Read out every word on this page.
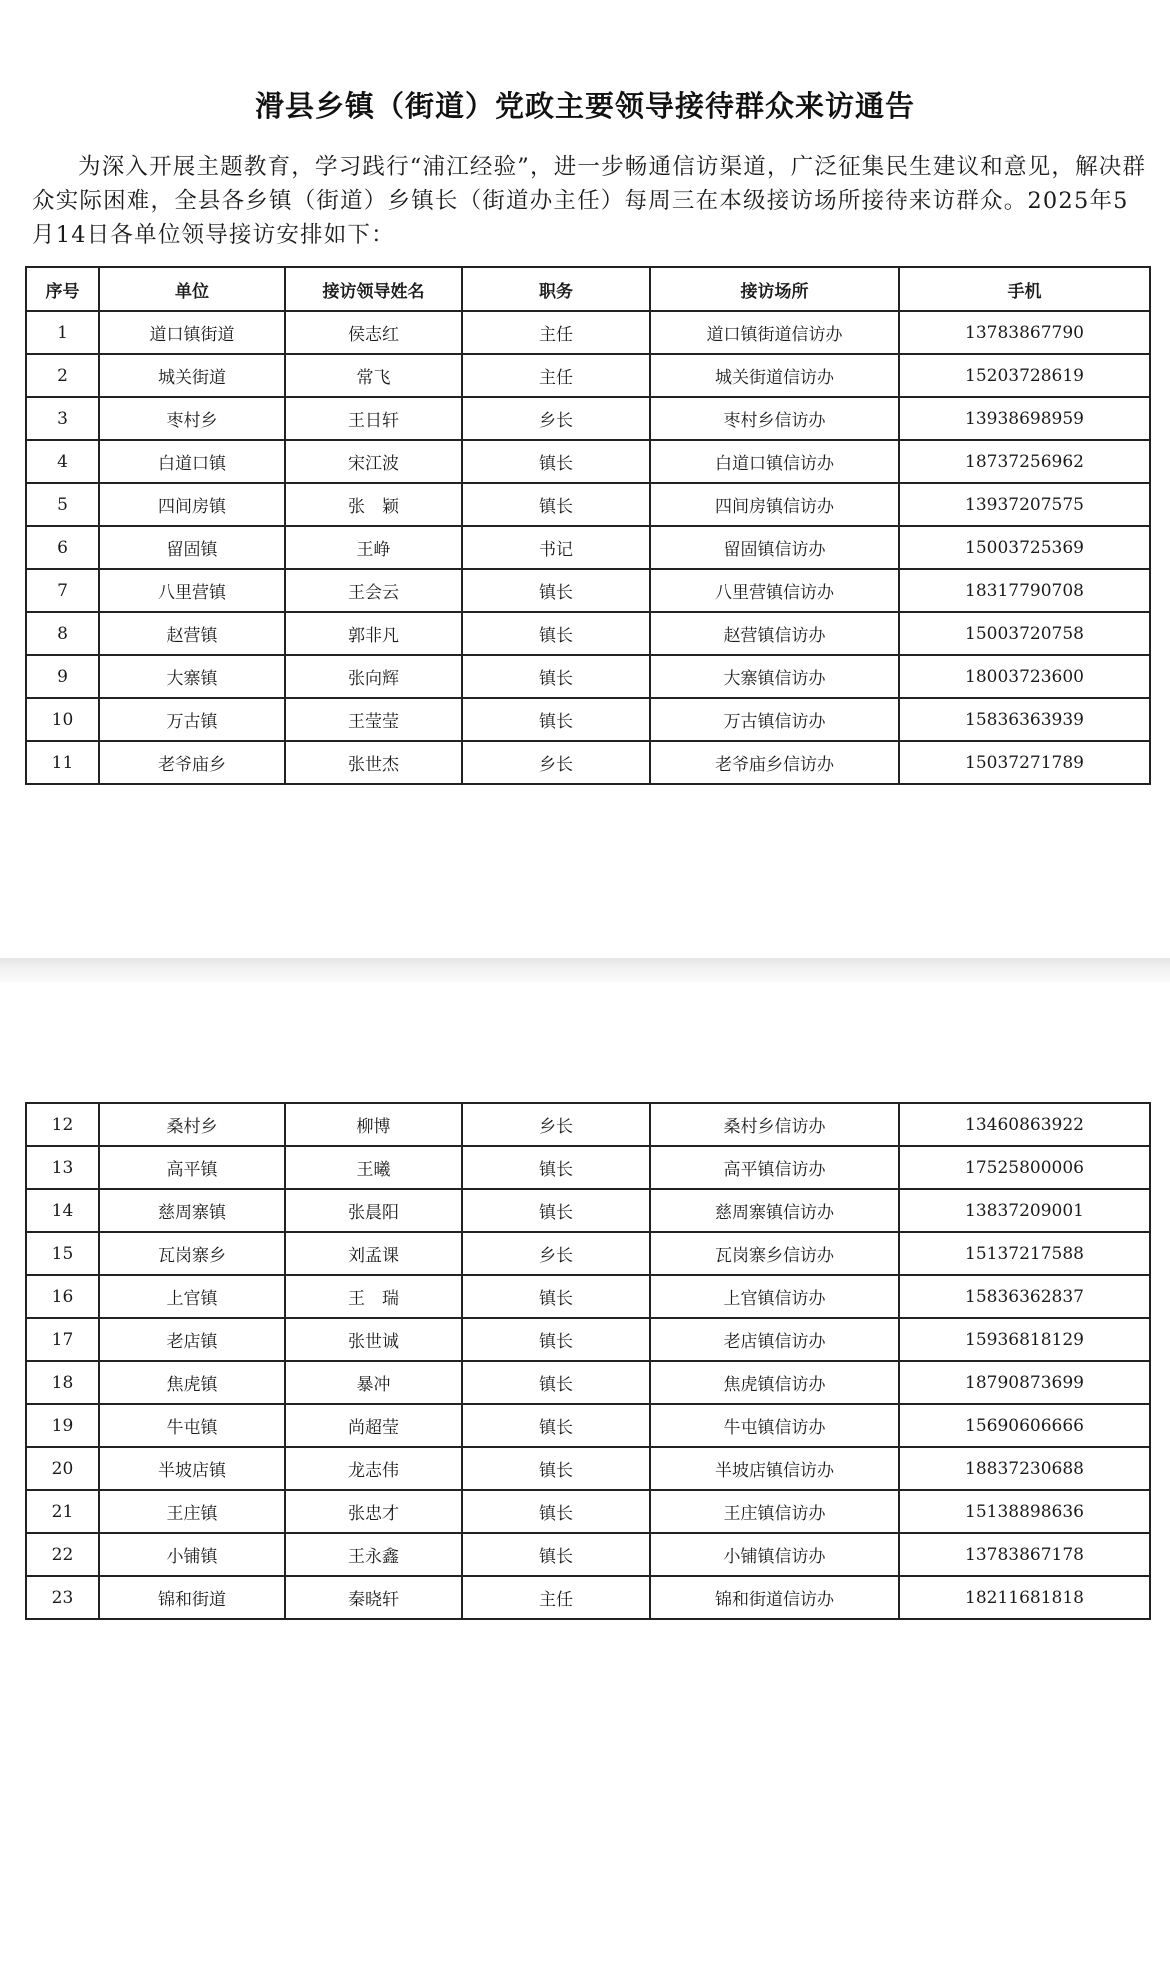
滑县乡镇（街道）党政主要领导接待群众来访通告
为深入开展主题教育，学习践行“浦江经验”，进一步畅通信访渠道，广泛征集民生建议和意见，解决群众实际困难，全县各乡镇（街道）乡镇长（街道办主任）每周三在本级接访场所接待来访群众。2025年5月14日各单位领导接访安排如下：
序号	单位	接访领导姓名	职务	接访场所	手机
1	道口镇街道	侯志红	主任	道口镇街道信访办	13783867790
2	城关街道	常飞	主任	城关街道信访办	15203728619
3	枣村乡	王日轩	乡长	枣村乡信访办	13938698959
4	白道口镇	宋江波	镇长	白道口镇信访办	18737256962
5	四间房镇	张　颖	镇长	四间房镇信访办	13937207575
6	留固镇	王峥	书记	留固镇信访办	15003725369
7	八里营镇	王会云	镇长	八里营镇信访办	18317790708
8	赵营镇	郭非凡	镇长	赵营镇信访办	15003720758
9	大寨镇	张向辉	镇长	大寨镇信访办	18003723600
10	万古镇	王莹莹	镇长	万古镇信访办	15836363939
11	老爷庙乡	张世杰	乡长	老爷庙乡信访办	15037271789
12	桑村乡	柳博	乡长	桑村乡信访办	13460863922
13	高平镇	王曦	镇长	高平镇信访办	17525800006
14	慈周寨镇	张晨阳	镇长	慈周寨镇信访办	13837209001
15	瓦岗寨乡	刘孟课	乡长	瓦岗寨乡信访办	15137217588
16	上官镇	王　瑞	镇长	上官镇信访办	15836362837
17	老店镇	张世诚	镇长	老店镇信访办	15936818129
18	焦虎镇	暴冲	镇长	焦虎镇信访办	18790873699
19	牛屯镇	尚超莹	镇长	牛屯镇信访办	15690606666
20	半坡店镇	龙志伟	镇长	半坡店镇信访办	18837230688
21	王庄镇	张忠才	镇长	王庄镇信访办	15138898636
22	小铺镇	王永鑫	镇长	小铺镇信访办	13783867178
23	锦和街道	秦晓轩	主任	锦和街道信访办	18211681818
